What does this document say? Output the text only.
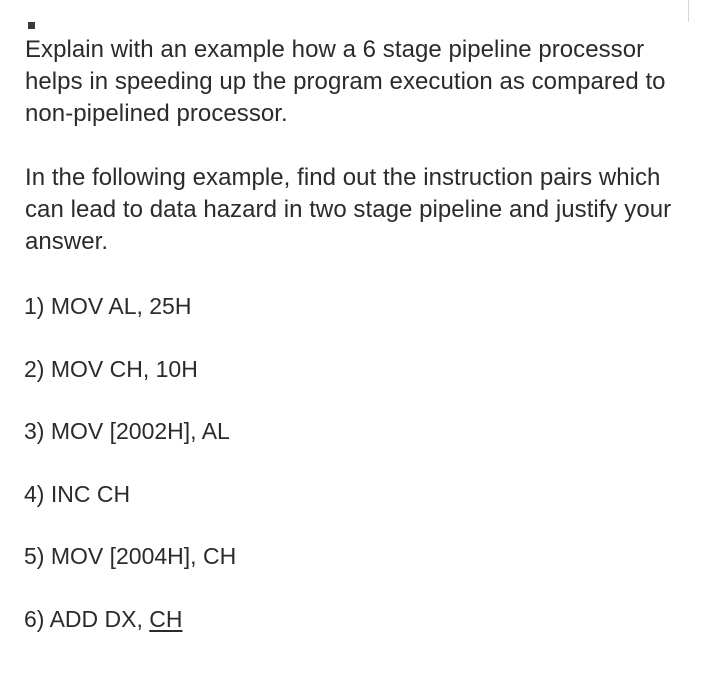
Explain with an example how a 6 stage pipeline processor helps in speeding up the program execution as compared to non-pipelined processor.

In the following example, find out the instruction pairs which can lead to data hazard in two stage pipeline and justify your answer.

1) MOV AL, 25H
2) MOV CH, 10H
3) MOV [2002H], AL
4) INC CH
5) MOV [2004H], CH
6) ADD DX, CH
